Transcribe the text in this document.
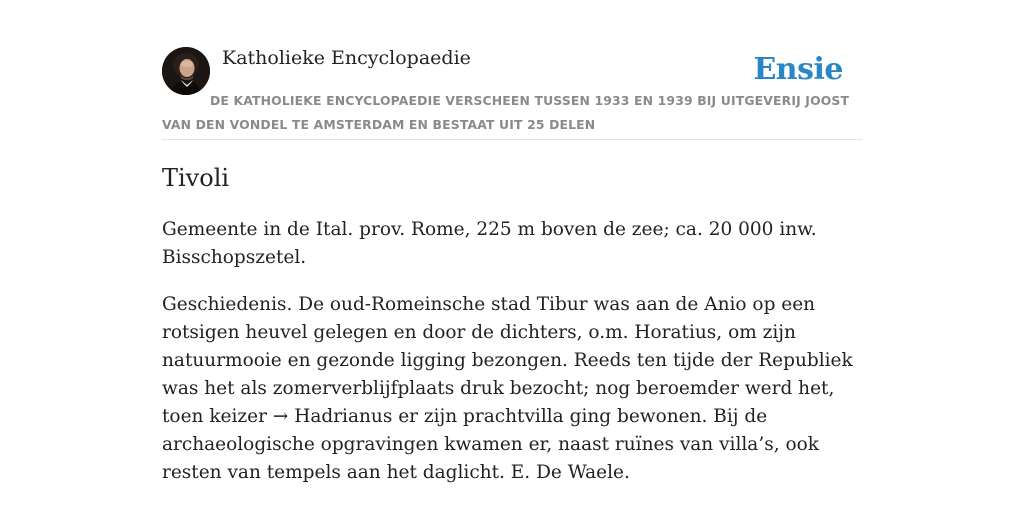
Katholieke Encyclopaedie	Ensie
DE KATHOLIEKE ENCYCLOPAEDIE VERSCHEEN TUSSEN 1933 EN 1939 BIJ UITGEVERIJ JOOST VAN DEN VONDEL TE AMSTERDAM EN BESTAAT UIT 25 DELEN
Tivoli

Gemeente in de Ital. prov. Rome, 225 m boven de zee; ca. 20 000 inw. Bisschopszetel.

Geschiedenis. De oud-Romeinsche stad Tibur was aan de Anio op een rotsigen heuvel gelegen en door de dichters, o.m. Horatius, om zijn natuurmooie en gezonde ligging bezongen. Reeds ten tijde der Republiek was het als zomerverblijfplaats druk bezocht; nog beroemder werd het, toen keizer → Hadrianus er zijn prachtvilla ging bewonen. Bij de archaeologische opgravingen kwamen er, naast ruïnes van villa’s, ook resten van tempels aan het daglicht. E. De Waele.
